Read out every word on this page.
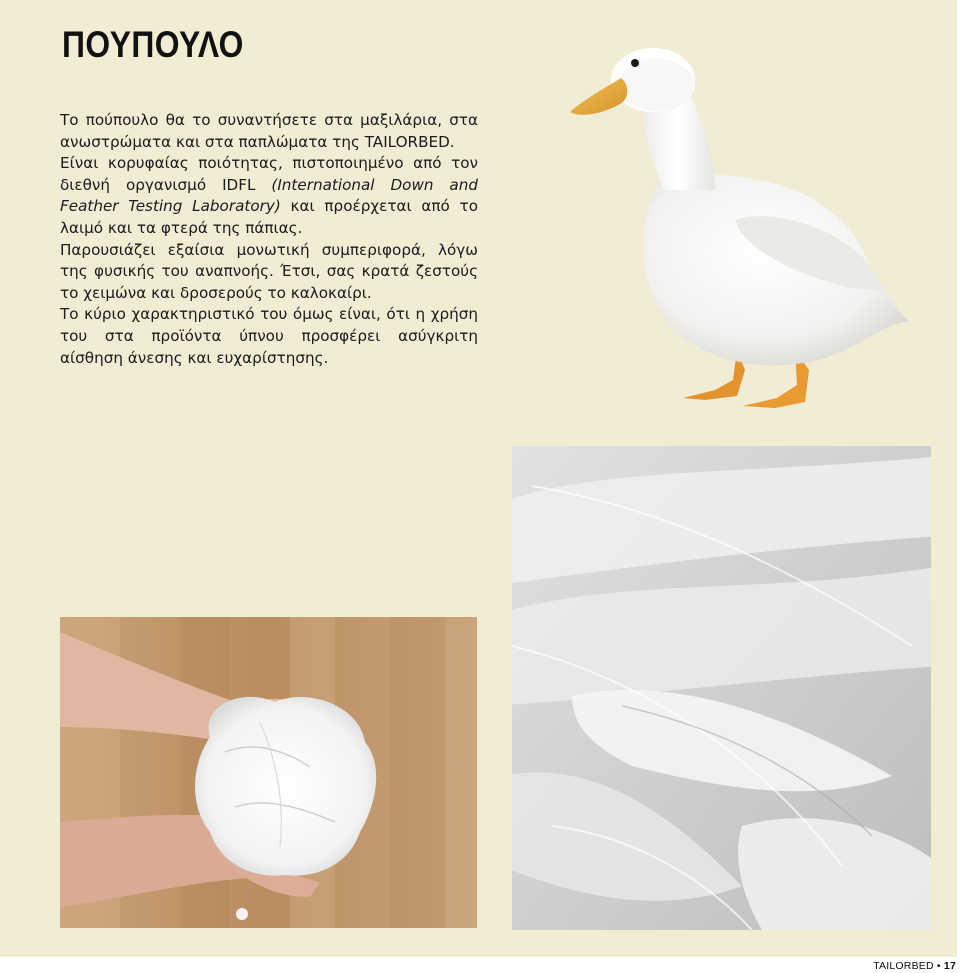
ΠΟΥΠΟΥΛΟ

Το πούπουλο θα το συναντήσετε στα μαξιλάρια, στα ανωστρώματα και στα παπλώματα της TAILORBED.

Είναι κορυφαίας ποιότητας, πιστοποιημένο από τον διεθνή οργανισμό IDFL (International Down and Feather Testing Laboratory) και προέρχεται από το λαιμό και τα φτερά της πάπιας.

Παρουσιάζει εξαίσια μονωτική συμπεριφορά, λόγω της φυσικής του αναπνοής. Έτσι, σας κρατά ζεστούς το χειμώνα και δροσερούς το καλοκαίρι.

Το κύριο χαρακτηριστικό του όμως είναι, ότι η χρήση του στα προϊόντα ύπνου προσφέρει ασύγκριτη αίσθηση άνεσης και ευχαρίστησης.

TAILORBED • 17
